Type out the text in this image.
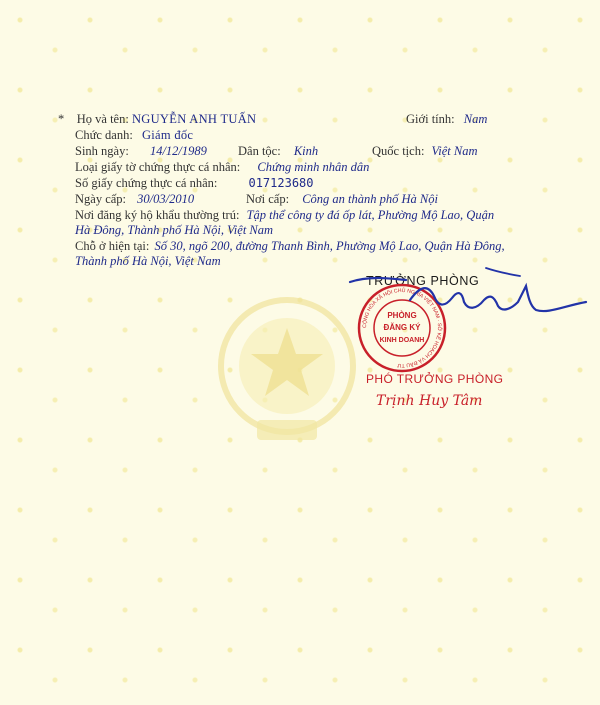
*    Họ và tên: NGUYỄN ANH TUẤN	Giới tính: Nam
Chức danh: Giám đốc
Sinh ngày: 14/12/1989 Dân tộc: Kinh	Quốc tịch: Việt Nam
Loại giấy tờ chứng thực cá nhân: Chứng minh nhân dân
Số giấy chứng thực cá nhân:	017123680
Ngày cấp: 30/03/2010	Nơi cấp: Công an thành phố Hà Nội
Nơi đăng ký hộ khẩu thường trú: Tập thể công ty đá ốp lát, Phường Mộ Lao, Quận
Hà Đông, Thành phố Hà Nội, Việt Nam
Chỗ ở hiện tại: Số 30, ngõ 200, đường Thanh Bình, Phường Mộ Lao, Quận Hà Đông,
Thành phố Hà Nội, Việt Nam
TRƯỞNG PHÒNG
PHÒNG
ĐĂNG KÝ
KINH DOANH
CỘNG HÒA XÃ HỘI CHỦ NGHĨA VIỆT NAM · SỞ KẾ HOẠCH VÀ ĐẦU TƯ
PHÓ TRƯỞNG PHÒNG
Trịnh Huy Tâm
